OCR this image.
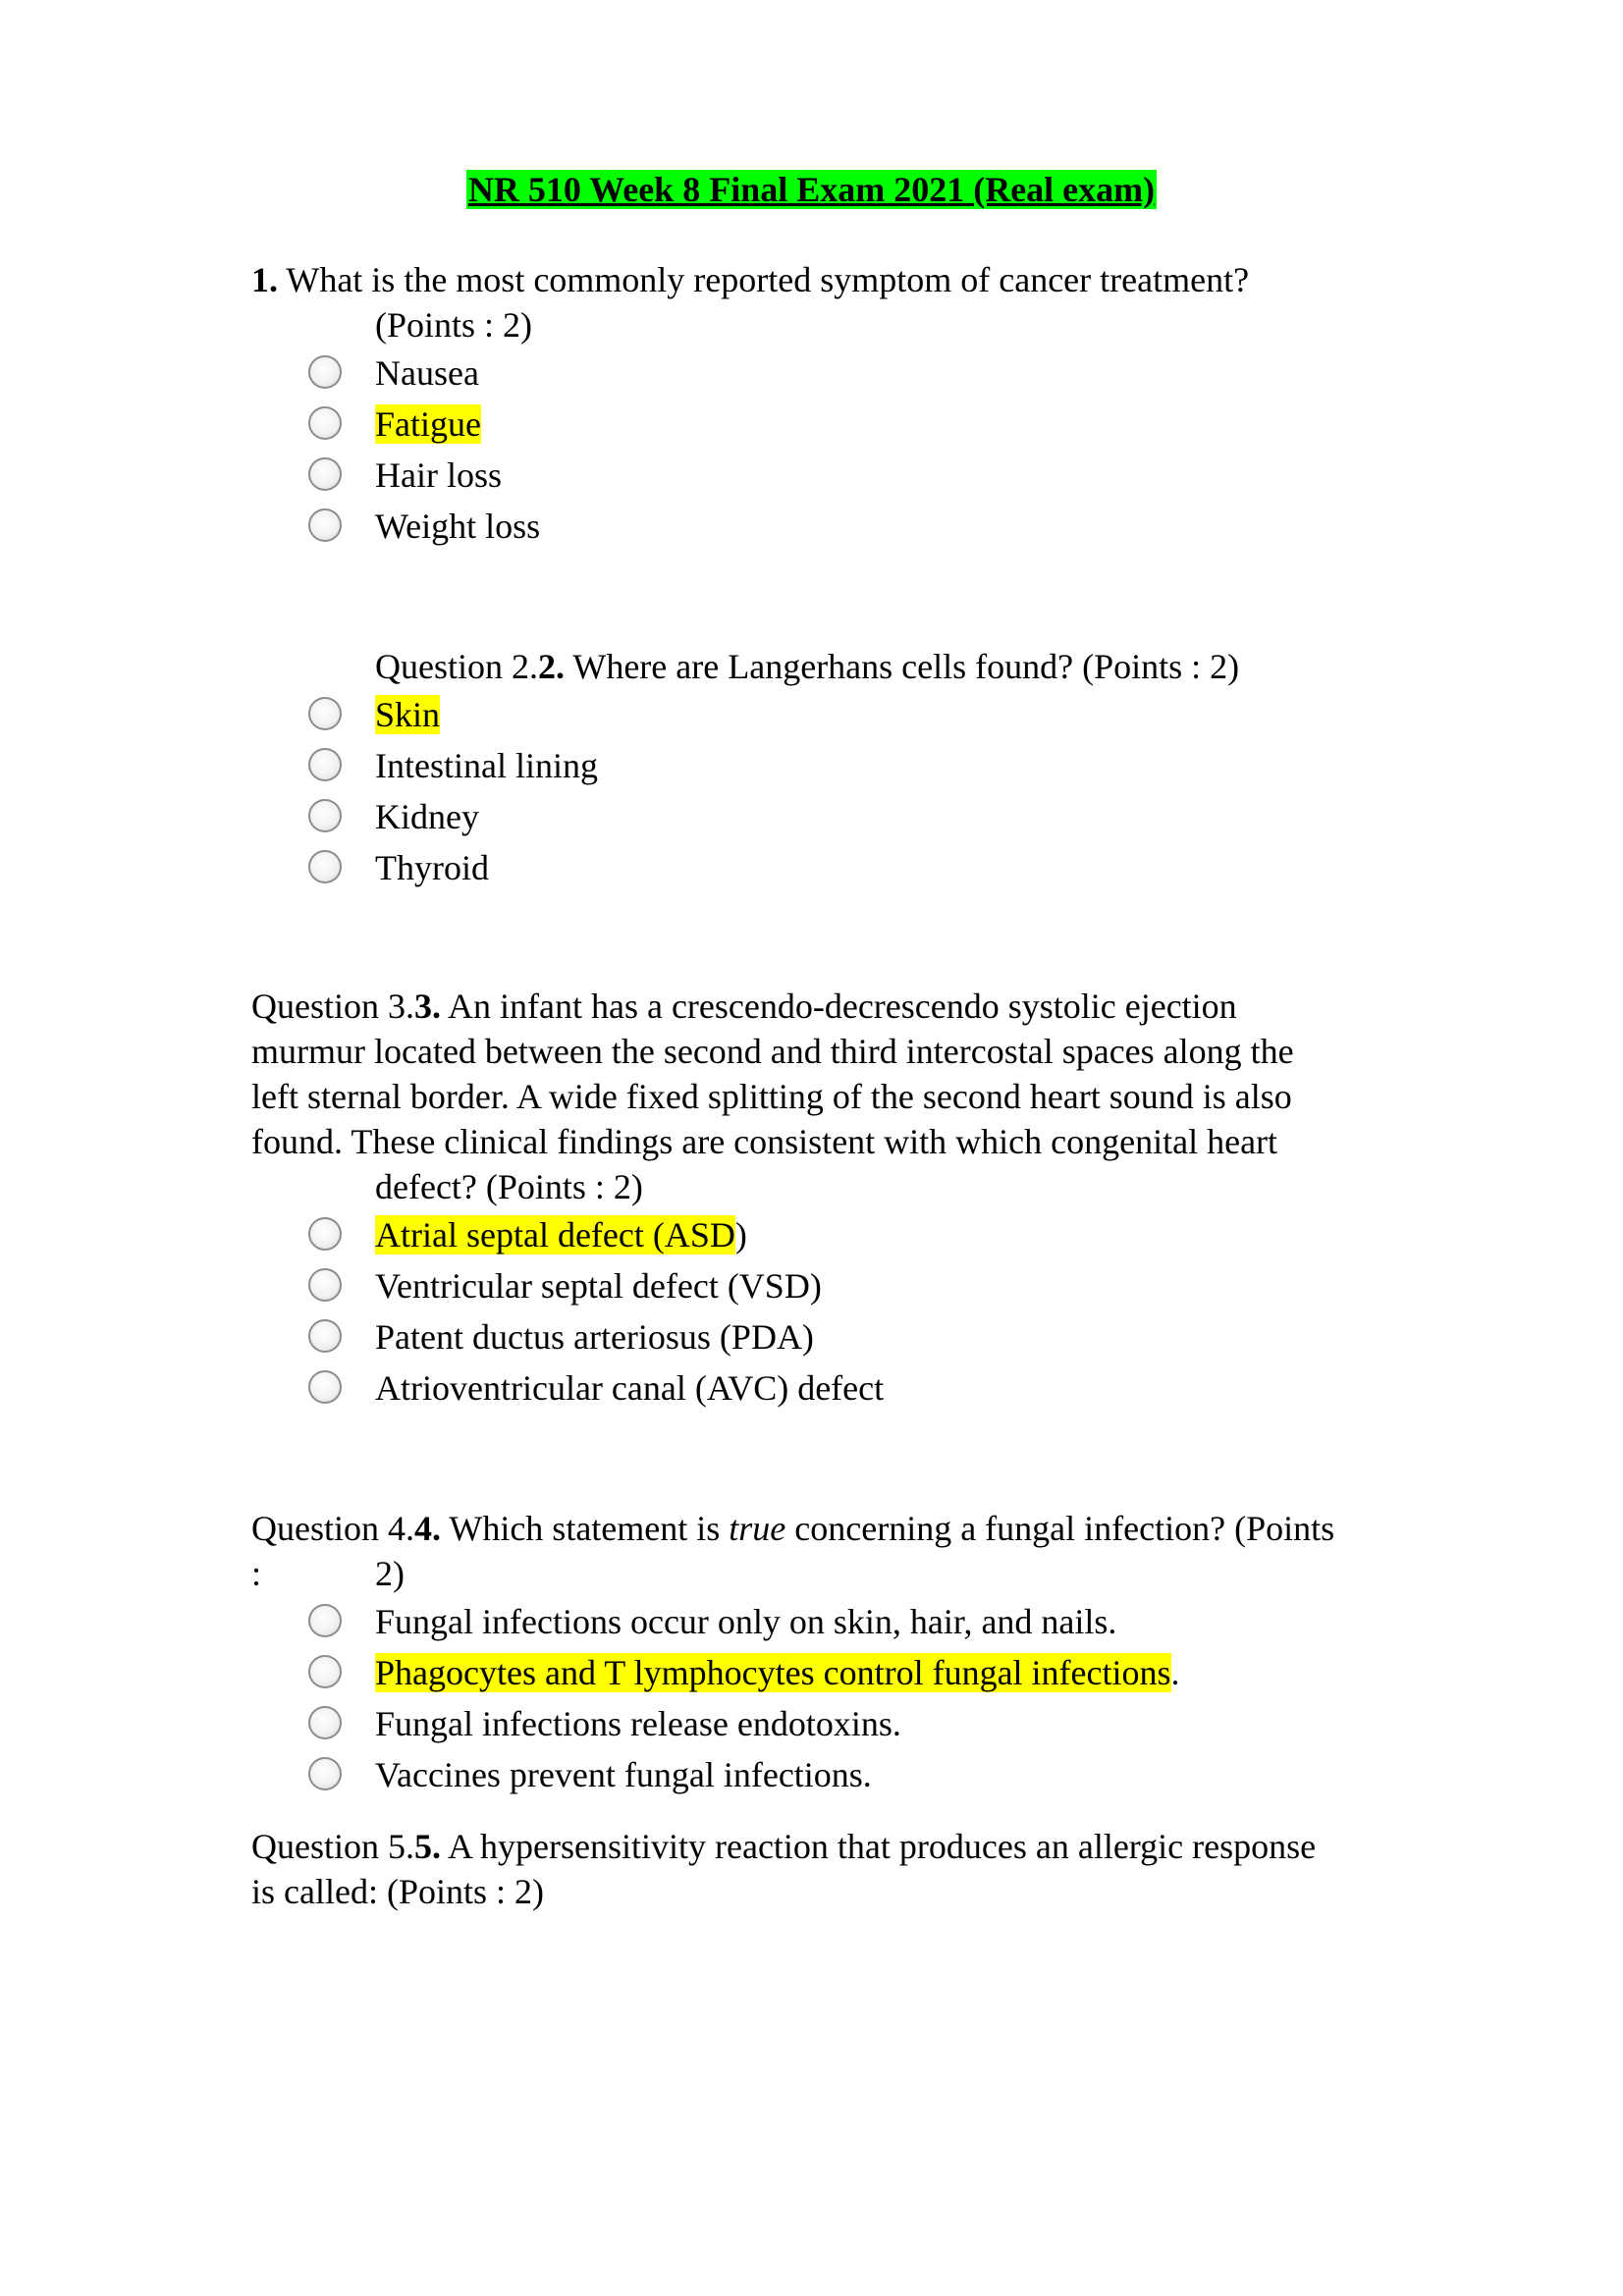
NR 510 Week 8 Final Exam 2021 (Real exam)
1. What is the most commonly reported symptom of cancer treatment?
(Points : 2)
Nausea
Fatigue
Hair loss
Weight loss
Question 2.2. Where are Langerhans cells found? (Points : 2)
Skin
Intestinal lining
Kidney
Thyroid
Question 3.3. An infant has a crescendo-decrescendo systolic ejection
murmur located between the second and third intercostal spaces along the
left sternal border. A wide fixed splitting of the second heart sound is also
found. These clinical findings are consistent with which congenital heart
defect? (Points : 2)
Atrial septal defect (ASD)
Ventricular septal defect (VSD)
Patent ductus arteriosus (PDA)
Atrioventricular canal (AVC) defect
Question 4.4. Which statement is true concerning a fungal infection? (Points
:	2)
Fungal infections occur only on skin, hair, and nails.
Phagocytes and T lymphocytes control fungal infections.
Fungal infections release endotoxins.
Vaccines prevent fungal infections.
Question 5.5. A hypersensitivity reaction that produces an allergic response
is called: (Points : 2)
